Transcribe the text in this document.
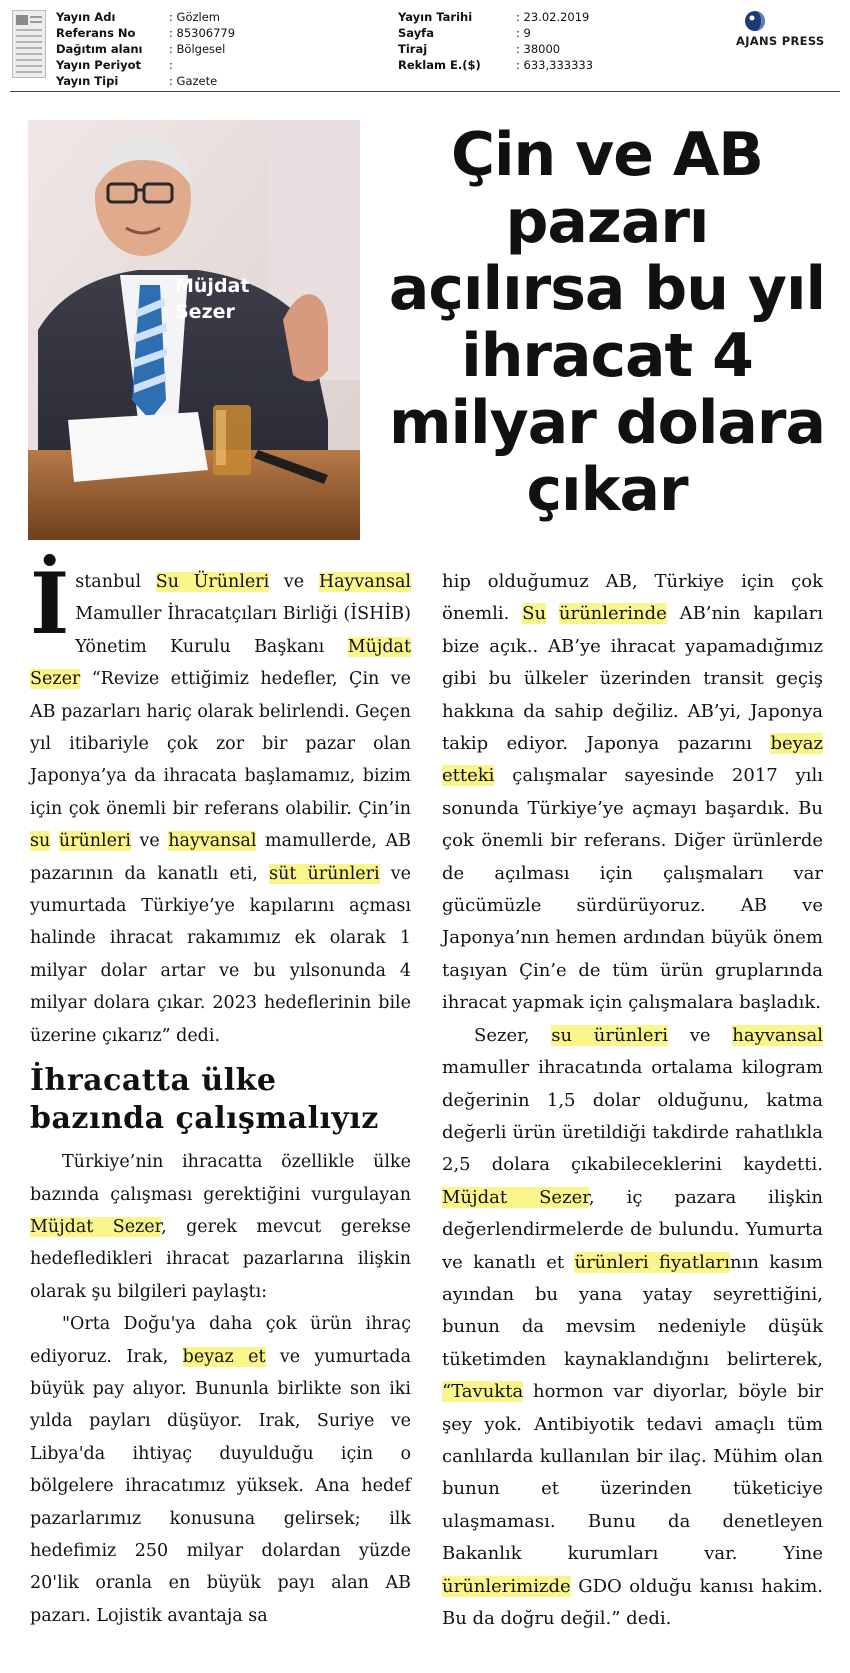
Yayın Adı	: Gözlem
Referans No	: 85306779
Dağıtım alanı	: Bölgesel
Yayın Periyot	:
Yayın Tipi	: Gazete
Yayın Tarihi	: 23.02.2019
Sayfa	: 9
Tiraj	: 38000
Reklam E.($)	: 633,333333
AJANS PRESS
Müjdat
Sezer
Çin ve AB pazarı açılırsa bu yıl ihracat 4 milyar dolara çıkar

İstanbul Su Ürünleri ve Hayvansal Mamuller İhracatçıları Birliği (İSHİB) Yönetim Kurulu Başkanı Müjdat Sezer “Revize ettiğimiz hedefler, Çin ve AB pazarları hariç olarak belirlendi. Geçen yıl itibariyle çok zor bir pazar olan Japonya’ya da ihracata başlamamız, bizim için çok önemli bir referans olabilir. Çin’in su ürünleri ve hayvansal mamullerde, AB pazarının da kanatlı eti, süt ürünleri ve yumurtada Türkiye’ye kapılarını açması halinde ihracat rakamımız ek olarak 1 milyar dolar artar ve bu yılsonunda 4 milyar dolara çıkar. 2023 hedeflerinin bile üzerine çıkarız” dedi.

İhracatta ülke
bazında çalışmalıyız

Türkiye’nin ihracatta özellikle ülke bazında çalışması gerektiğini vurgulayan Müjdat Sezer, gerek mevcut gerekse hedefledikleri ihracat pazarlarına ilişkin olarak şu bilgileri paylaştı:

"Orta Doğu'ya daha çok ürün ihraç ediyoruz. Irak, beyaz et ve yumurtada büyük pay alıyor. Bununla birlikte son iki yılda payları düşüyor. Irak, Suriye ve Libya'da ihtiyaç duyulduğu için o bölgelere ihracatımız yüksek. Ana hedef pazarlarımız konusuna gelirsek; ilk hedefimiz 250 milyar dolardan yüzde 20'lik oranla en büyük payı alan AB pazarı. Lojistik avantaja sa

hip olduğumuz AB, Türkiye için çok önemli. Su ürünlerinde AB’nin kapıları bize açık.. AB’ye ihracat yapamadığımız gibi bu ülkeler üzerinden transit geçiş hakkına da sahip değiliz. AB’yi, Japonya takip ediyor. Japonya pazarını beyaz etteki çalışmalar sayesinde 2017 yılı sonunda Türkiye’ye açmayı başardık. Bu çok önemli bir referans. Diğer ürünlerde de açılması için çalışmaları var gücümüzle sürdürüyoruz. AB ve Japonya’nın hemen ardından büyük önem taşıyan Çin’e de tüm ürün gruplarında ihracat yapmak için çalışmalara başladık.

Sezer, su ürünleri ve hayvansal mamuller ihracatında ortalama kilogram değerinin 1,5 dolar olduğunu, katma değerli ürün üretildiği takdirde rahatlıkla 2,5 dolara çıkabileceklerini kaydetti. Müjdat Sezer, iç pazara ilişkin değerlendirmelerde de bulundu. Yumurta ve kanatlı et ürünleri fiyatlarının kasım ayından bu yana yatay seyrettiğini, bunun da mevsim nedeniyle düşük tüketimden kaynaklandığını belirterek, “Tavukta hormon var diyorlar, böyle bir şey yok. Antibiyotik tedavi amaçlı tüm canlılarda kullanılan bir ilaç. Mühim olan bunun et üzerinden tüketiciye ulaşmaması. Bunu da denetleyen Bakanlık kurumları var. Yine ürünlerimizde GDO olduğu kanısı hakim. Bu da doğru değil.” dedi.
